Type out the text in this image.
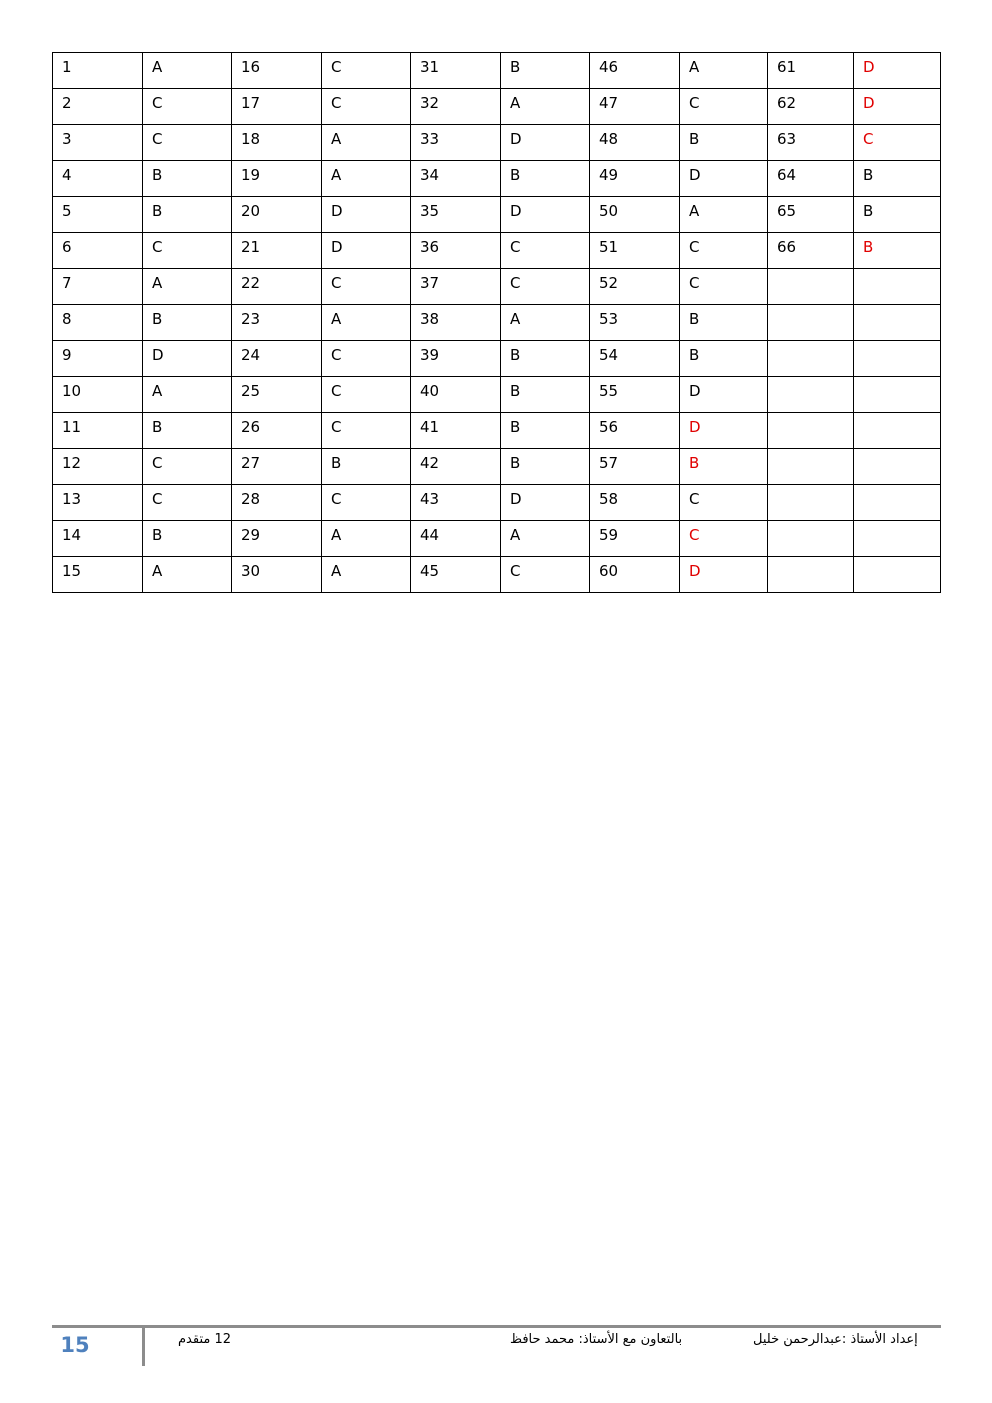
1	A	16	C	31	B	46	A	61	D
2	C	17	C	32	A	47	C	62	D
3	C	18	A	33	D	48	B	63	C
4	B	19	A	34	B	49	D	64	B
5	B	20	D	35	D	50	A	65	B
6	C	21	D	36	C	51	C	66	B
7	A	22	C	37	C	52	C		
8	B	23	A	38	A	53	B		
9	D	24	C	39	B	54	B		
10	A	25	C	40	B	55	D		
11	B	26	C	41	B	56	D		
12	C	27	B	42	B	57	B		
13	C	28	C	43	D	58	C		
14	B	29	A	44	A	59	C		
15	A	30	A	45	C	60	D		
15	12 متقدم	بالتعاون مع الأستاذ: محمد حافظ	إعداد الأستاذ :عبدالرحمن خليل
